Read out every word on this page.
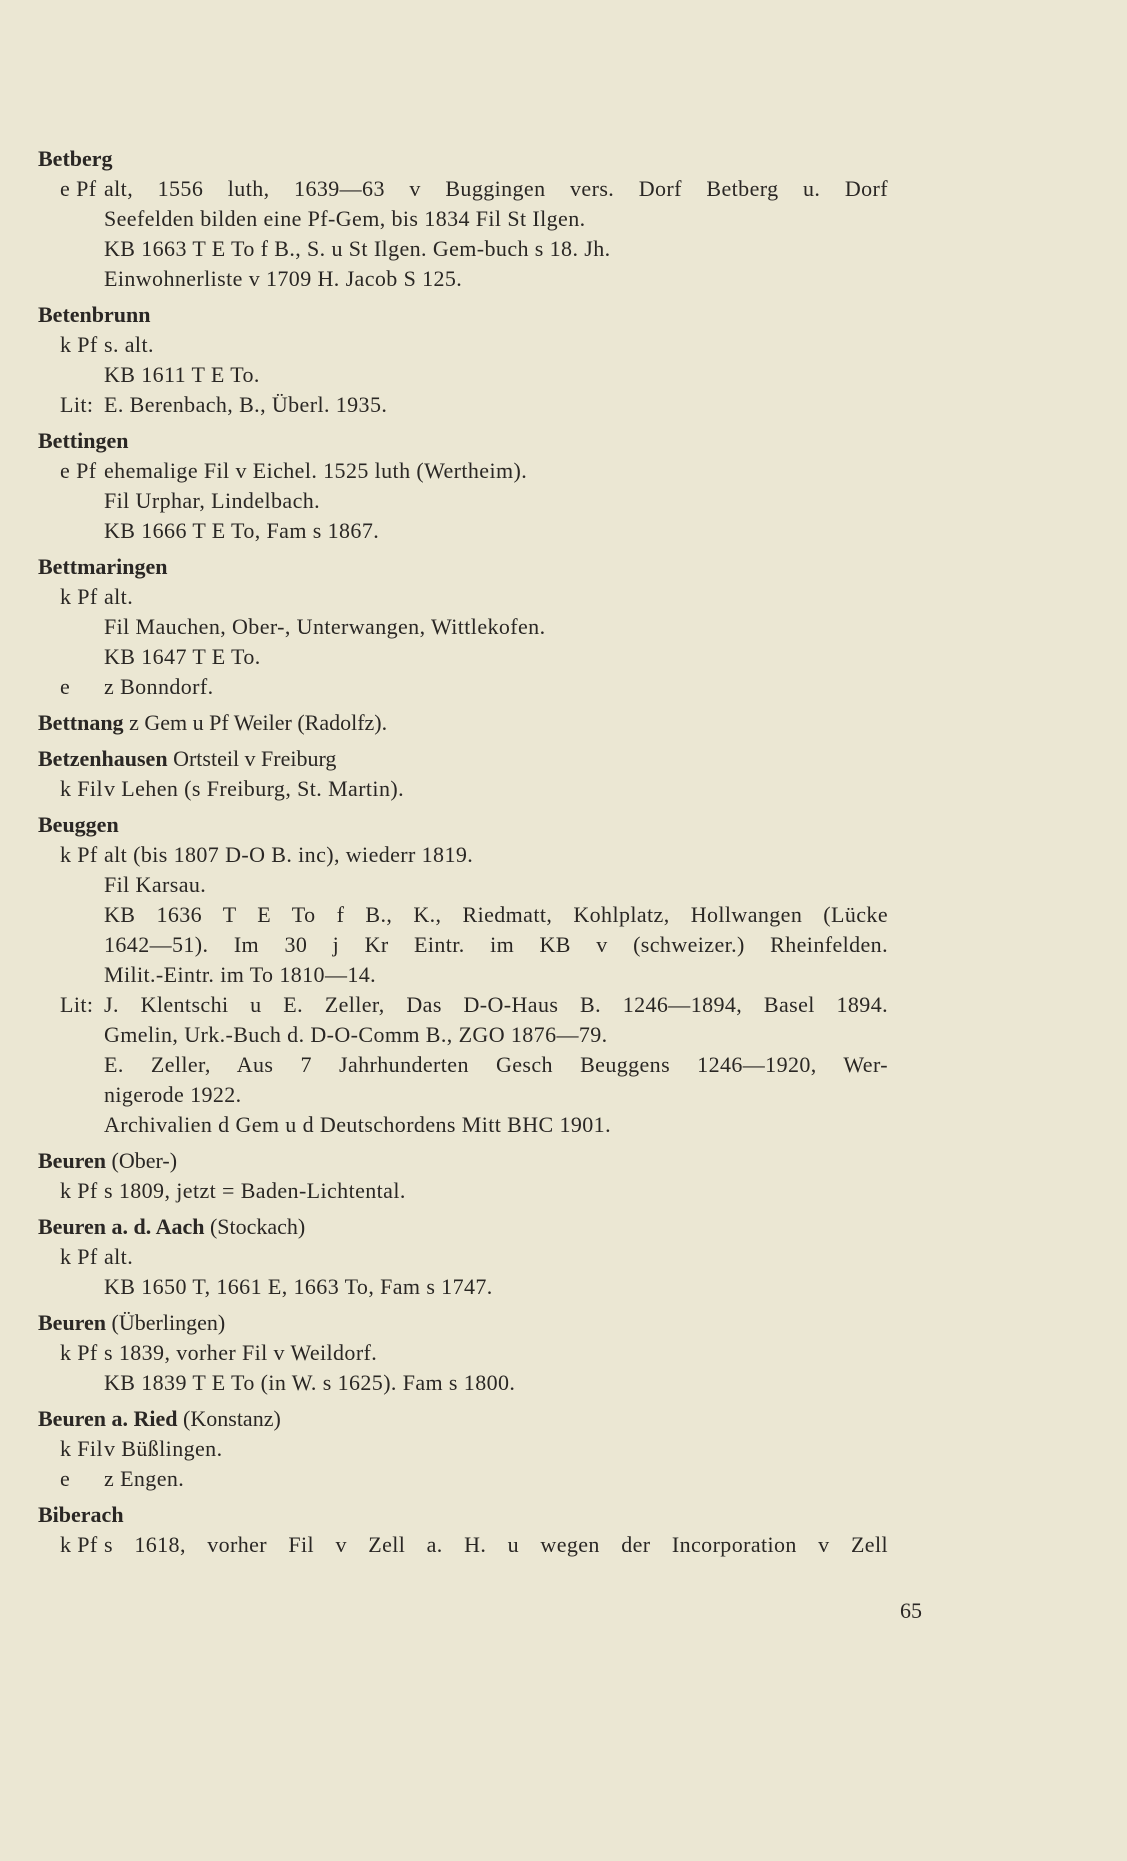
Betberg
e Pf alt, 1556 luth, 1639—63 v Buggingen vers. Dorf Betberg u. Dorf
Seefelden bilden eine Pf-Gem, bis 1834 Fil St Ilgen.
KB 1663 T E To f B., S. u St Ilgen. Gem-buch s 18. Jh.
Einwohnerliste v 1709 H. Jacob S 125.
Betenbrunn
k Pf s. alt.
KB 1611 T E To.
Lit: E. Berenbach, B., Überl. 1935.
Bettingen
e Pf ehemalige Fil v Eichel. 1525 luth (Wertheim).
Fil Urphar, Lindelbach.
KB 1666 T E To, Fam s 1867.
Bettmaringen
k Pf alt.
Fil Mauchen, Ober-, Unterwangen, Wittlekofen.
KB 1647 T E To.
e	z Bonndorf.
Bettnang z Gem u Pf Weiler (Radolfz).
Betzenhausen Ortsteil v Freiburg
k Fil v Lehen (s Freiburg, St. Martin).
Beuggen
k Pf alt (bis 1807 D-O B. inc), wiederr 1819.
Fil Karsau.
KB 1636 T E To f B., K., Riedmatt, Kohlplatz, Hollwangen (Lücke
1642—51). Im 30 j Kr Eintr. im KB v (schweizer.) Rheinfelden.
Milit.-Eintr. im To 1810—14.
Lit: J. Klentschi u E. Zeller, Das D-O-Haus B. 1246—1894, Basel 1894.
Gmelin, Urk.-Buch d. D-O-Comm B., ZGO 1876—79.
E. Zeller, Aus 7 Jahrhunderten Gesch Beuggens 1246—1920, Wer-
nigerode 1922.
Archivalien d Gem u d Deutschordens Mitt BHC 1901.
Beuren (Ober-)
k Pf s 1809, jetzt = Baden-Lichtental.
Beuren a. d. Aach (Stockach)
k Pf alt.
KB 1650 T, 1661 E, 1663 To, Fam s 1747.
Beuren (Überlingen)
k Pf s 1839, vorher Fil v Weildorf.
KB 1839 T E To (in W. s 1625). Fam s 1800.
Beuren a. Ried (Konstanz)
k Fil v Büßlingen.
e	z Engen.
Biberach
k Pf s 1618, vorher Fil v Zell a. H. u wegen der Incorporation v Zell
65
